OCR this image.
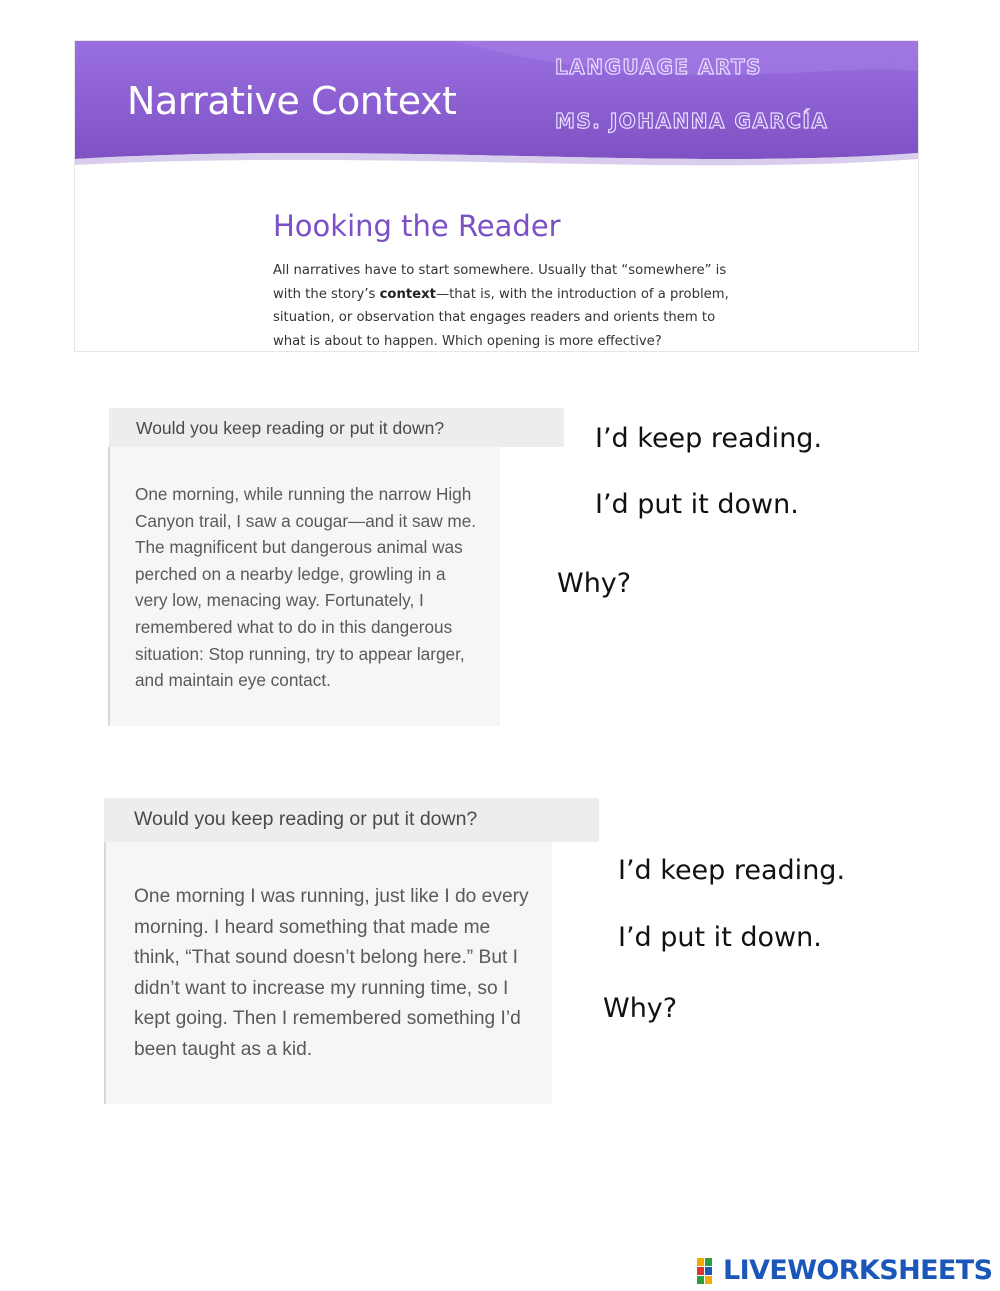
Narrative Context
LANGUAGE ARTS
MS. JOHANNA GARCÍA
Hooking the Reader

All narratives have to start somewhere. Usually that “somewhere” is with the story’s context—that is, with the introduction of a problem, situation, or observation that engages readers and orients them to what is about to happen. Which opening is more effective?

Would you keep reading or put it down?

One morning, while running the narrow High Canyon trail, I saw a cougar—and it saw me. The magnificent but dangerous animal was perched on a nearby ledge, growling in a very low, menacing way. Fortunately, I remembered what to do in this dangerous situation: Stop running, try to appear larger, and maintain eye contact.

I’d keep reading.

I’d put it down.

Why?

Would you keep reading or put it down?

One morning I was running, just like I do every morning. I heard something that made me think, “That sound doesn’t belong here.” But I didn’t want to increase my running time, so I kept going. Then I remembered something I’d been taught as a kid.

I’d keep reading.

I’d put it down.

Why?

LIVEWORKSHEETS
